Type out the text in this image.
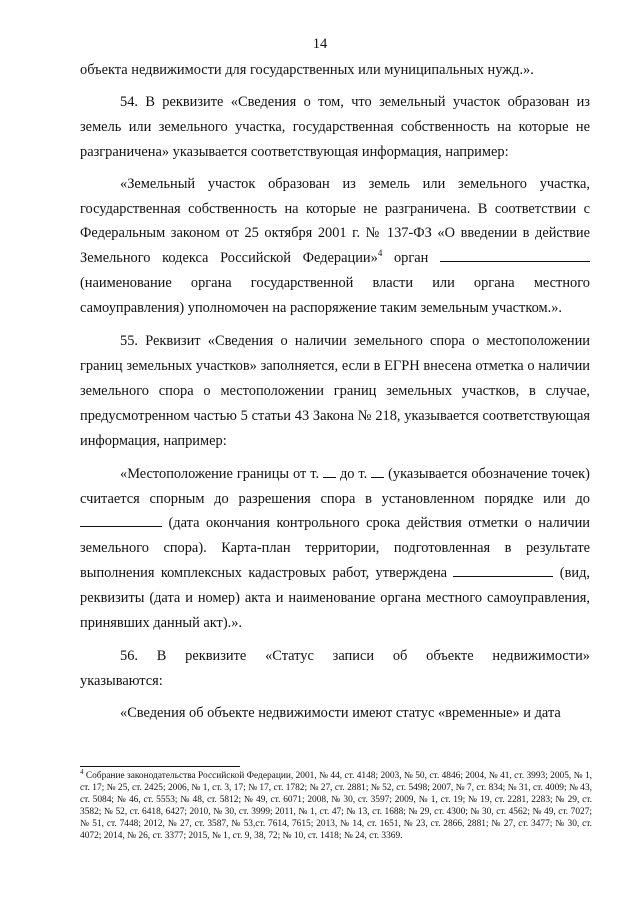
14

объекта недвижимости для государственных или муниципальных нужд.».

54. В реквизите «Сведения о том, что земельный участок образован из земель или земельного участка, государственная собственность на которые не разграничена» указывается соответствующая информация, например:

«Земельный участок образован из земель или земельного участка, государственная собственность на которые не разграничена. В соответствии с Федеральным законом от 25 октября 2001 г. № 137-ФЗ «О введении в действие Земельного кодекса Российской Федерации»$^4$ орган  (наименование органа государственной власти или органа местного самоуправления) уполномочен на распоряжение таким земельным участком.».

55. Реквизит «Сведения о наличии земельного спора о местоположении границ земельных участков» заполняется, если в ЕГРН внесена отметка о наличии земельного спора о местоположении границ земельных участков, в случае, предусмотренном частью 5 статьи 43 Закона № 218, указывается соответствующая информация, например:

«Местоположение границы от т.  до т.  (указывается обозначение точек) считается спорным до разрешения спора в установленном порядке или до  (дата окончания контрольного срока действия отметки о наличии земельного спора). Карта-план территории, подготовленная в результате выполнения комплексных кадастровых работ, утверждена	(вид, реквизиты (дата и номер) акта и наименование органа местного самоуправления, принявших данный акт).».

56.    В    реквизите    «Статус    записи    об    объекте    недвижимости» указываются:

«Сведения об объекте недвижимости имеют статус «временные» и дата

$^4$ Собрание законодательства Российской Федерации, 2001, № 44, ст. 4148; 2003, № 50, ст. 4846; 2004, № 41, ст. 3993; 2005, № 1, ст. 17; № 25, ст. 2425; 2006, № 1, ст. 3, 17; № 17, ст. 1782; № 27, ст. 2881; № 52, ст. 5498; 2007, № 7, ст. 834; № 31, ст. 4009; № 43, ст. 5084; № 46, ст. 5553; № 48, ст. 5812; № 49, ст. 6071; 2008, № 30, ст. 3597; 2009, № 1, ст. 19; № 19, ст. 2281, 2283; № 29, ст. 3582; № 52, ст. 6418, 6427; 2010, № 30, ст. 3999; 2011, № 1, ст. 47; № 13, ст. 1688; № 29, ст. 4300; № 30, ст. 4562; № 49, ст. 7027; № 51, ст. 7448; 2012, № 27, ст. 3587, № 53,ст. 7614, 7615; 2013, № 14, ст. 1651, № 23, ст. 2866, 2881; № 27, ст. 3477; № 30, ст. 4072; 2014, № 26, ст. 3377; 2015, № 1, ст. 9, 38, 72; № 10, ст. 1418; № 24, ст. 3369.
